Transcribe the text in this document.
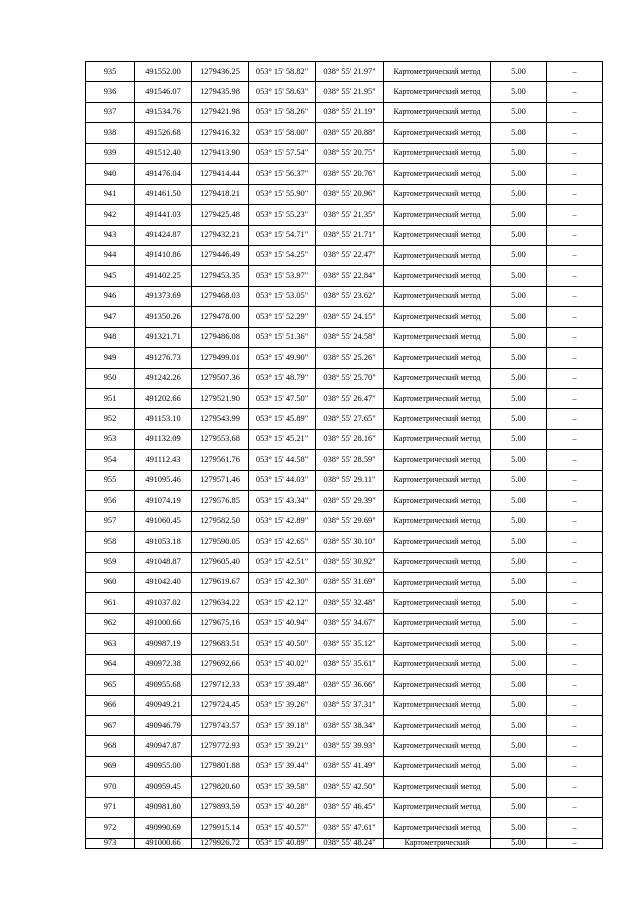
935	491552.00	1279436.25	053° 15' 58.82"	038° 55' 21.97"	Картометрический метод	5.00	–
936	491546.07	1279435.98	053° 15' 58.63"	038° 55' 21.95"	Картометрический метод	5.00	–
937	491534.76	1279421.98	053° 15' 58.26"	038° 55' 21.19"	Картометрический метод	5.00	–
938	491526.68	1279416.32	053° 15' 58.00"	038° 55' 20.88"	Картометрический метод	5.00	–
939	491512.40	1279413.90	053° 15' 57.54"	038° 55' 20.75"	Картометрический метод	5.00	–
940	491476.04	1279414.44	053° 15' 56.37"	038° 55' 20.76"	Картометрический метод	5.00	–
941	491461.50	1279418.21	053° 15' 55.90"	038° 55' 20.96"	Картометрический метод	5.00	–
942	491441.03	1279425.48	053° 15' 55.23"	038° 55' 21.35"	Картометрический метод	5.00	–
943	491424.87	1279432.21	053° 15' 54.71"	038° 55' 21.71"	Картометрический метод	5.00	–
944	491410.86	1279446.49	053° 15' 54.25"	038° 55' 22.47"	Картометрический метод	5.00	–
945	491402.25	1279453.35	053° 15' 53.97"	038° 55' 22.84"	Картометрический метод	5.00	–
946	491373.69	1279468.03	053° 15' 53.05"	038° 55' 23.62"	Картометрический метод	5.00	–
947	491350.26	1279478.00	053° 15' 52.29"	038° 55' 24.15"	Картометрический метод	5.00	–
948	491321.71	1279486.08	053° 15' 51.36"	038° 55' 24.58"	Картометрический метод	5.00	–
949	491276.73	1279499.01	053° 15' 49.90"	038° 55' 25.26"	Картометрический метод	5.00	–
950	491242.26	1279507.36	053° 15' 48.79"	038° 55' 25.70"	Картометрический метод	5.00	–
951	491202.66	1279521.90	053° 15' 47.50"	038° 55' 26.47"	Картометрический метод	5.00	–
952	491153.10	1279543.99	053° 15' 45.89"	038° 55' 27.65"	Картометрический метод	5.00	–
953	491132.09	1279553.68	053° 15' 45.21"	038° 55' 28.16"	Картометрический метод	5.00	–
954	491112.43	1279561.76	053° 15' 44.58"	038° 55' 28.59"	Картометрический метод	5.00	–
955	491095.46	1279571.46	053° 15' 44.03"	038° 55' 29.11"	Картометрический метод	5.00	–
956	491074.19	1279576.85	053° 15' 43.34"	038° 55' 29.39"	Картометрический метод	5.00	–
957	491060.45	1279582.50	053° 15' 42.89"	038° 55' 29.69"	Картометрический метод	5.00	–
958	491053.18	1279590.05	053° 15' 42.65"	038° 55' 30.10"	Картометрический метод	5.00	–
959	491048.87	1279605.40	053° 15' 42.51"	038° 55' 30.92"	Картометрический метод	5.00	–
960	491042.40	1279619.67	053° 15' 42.30"	038° 55' 31.69"	Картометрический метод	5.00	–
961	491037.02	1279634.22	053° 15' 42.12"	038° 55' 32.48"	Картометрический метод	5.00	–
962	491000.66	1279675.16	053° 15' 40.94"	038° 55' 34.67"	Картометрический метод	5.00	–
963	490987.19	1279683.51	053° 15' 40.50"	038° 55' 35.12"	Картометрический метод	5.00	–
964	490972.38	1279692.66	053° 15' 40.02"	038° 55' 35.61"	Картометрический метод	5.00	–
965	490955.68	1279712.33	053° 15' 39.48"	038° 55' 36.66"	Картометрический метод	5.00	–
966	490949.21	1279724.45	053° 15' 39.26"	038° 55' 37.31"	Картометрический метод	5.00	–
967	490946.79	1279743.57	053° 15' 39.18"	038° 55' 38.34"	Картометрический метод	5.00	–
968	490947.87	1279772.93	053° 15' 39.21"	038° 55' 39.93"	Картометрический метод	5.00	–
969	490955.00	1279801.88	053° 15' 39.44"	038° 55' 41.49"	Картометрический метод	5.00	–
970	490959.45	1279820.60	053° 15' 39.58"	038° 55' 42.50"	Картометрический метод	5.00	–
971	490981.80	1279893.59	053° 15' 40.28"	038° 55' 46.45"	Картометрический метод	5.00	–
972	490990.69	1279915.14	053° 15' 40.57"	038° 55' 47.61"	Картометрический метод	5.00	–
973	491000.66	1279926.72	053° 15' 40.89"	038° 55' 48.24"	Картометрический	5.00	–
